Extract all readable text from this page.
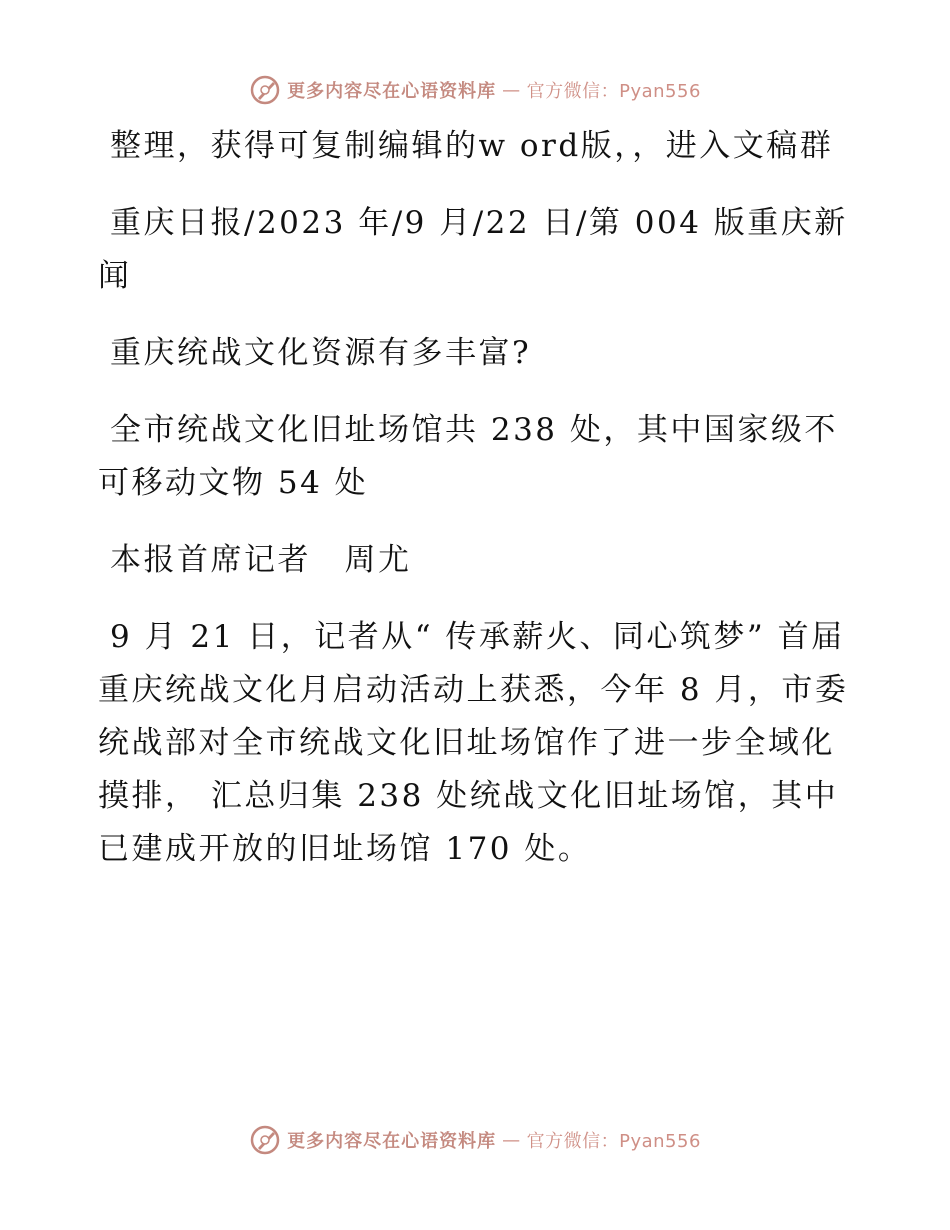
更多内容尽在心语资料库 — 官方微信：Pyan556

整理，获得可复制编辑的w ord版，，进入文稿群

重庆日报/2023 年/9 月/22 日/第 004 版重庆新闻

重庆统战文化资源有多丰富?

全市统战文化旧址场馆共 238 处，其中国家级不可移动文物 54 处

本报首席记者　周尤

9 月 21 日，记者从“ 传承薪火、同心筑梦” 首届重庆统战文化月启动活动上获悉，今年 8 月，市委统战部对全市统战文化旧址场馆作了进一步全域化摸排， 汇总归集 238 处统战文化旧址场馆，其中已建成开放的旧址场馆 170 处。

更多内容尽在心语资料库 — 官方微信：Pyan556
